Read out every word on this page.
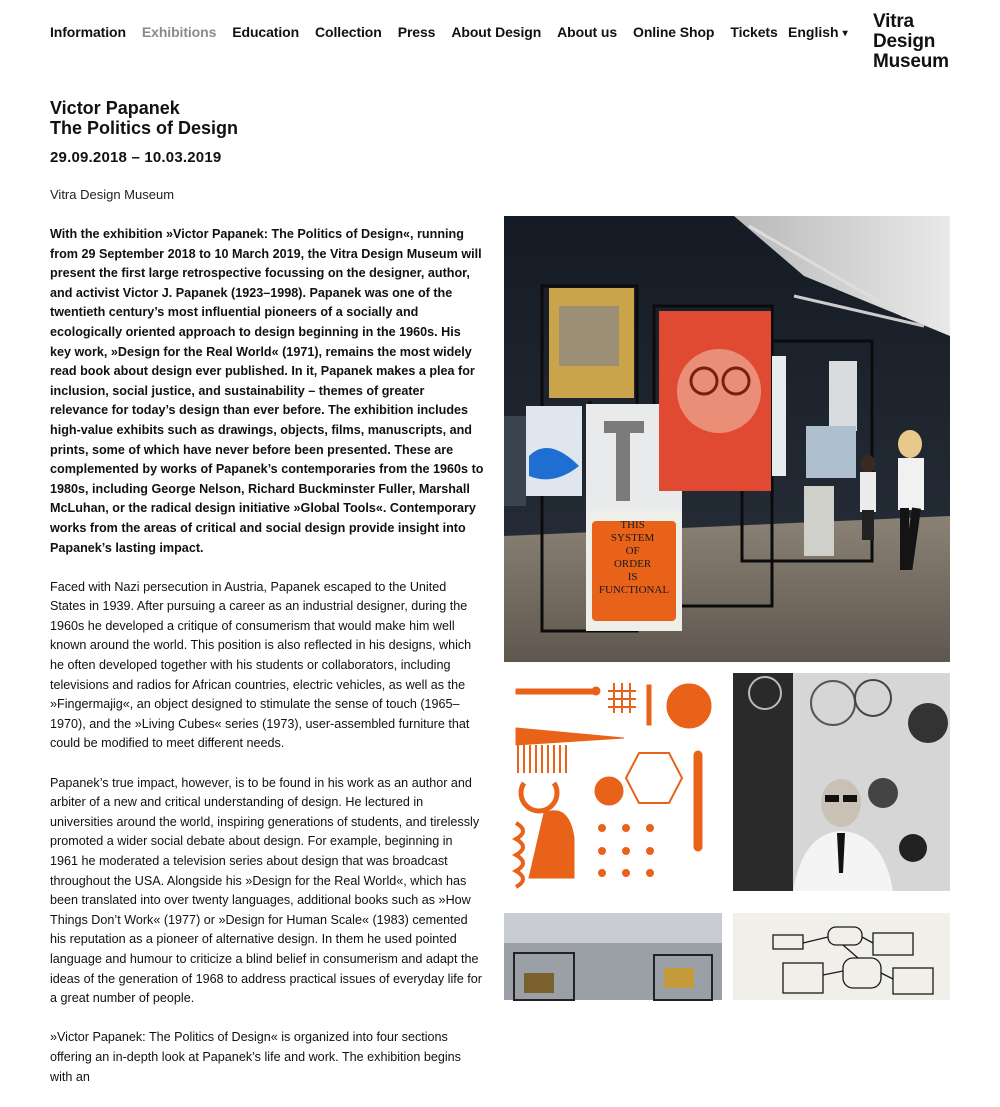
Information Exhibitions Education Collection Press About Design About us Online Shop Tickets English ▾
Vitra
Design
Museum
Victor Papanek
The Politics of Design
29.09.2018 – 10.03.2019
Vitra Design Museum

With the exhibition »Victor Papanek: The Politics of Design«, running from 29 September 2018 to 10 March 2019, the Vitra Design Museum will present the first large retrospective focussing on the designer, author, and activist Victor J. Papanek (1923–1998). Papanek was one of the twentieth century’s most influential pioneers of a socially and ecologically oriented approach to design beginning in the 1960s. His key work, »Design for the Real World« (1971), remains the most widely read book about design ever published. In it, Papanek makes a plea for inclusion, social justice, and sustainability – themes of greater relevance for today’s design than ever before. The exhibition includes high-value exhibits such as drawings, objects, films, manuscripts, and prints, some of which have never before been presented. These are complemented by works of Papanek’s contemporaries from the 1960s to 1980s, including George Nelson, Richard Buckminster Fuller, Marshall McLuhan, or the radical design initiative »Global Tools«. Contemporary works from the areas of critical and social design provide insight into Papanek’s lasting impact.

Faced with Nazi persecution in Austria, Papanek escaped to the United States in 1939. After pursuing a career as an industrial designer, during the 1960s he developed a critique of consumerism that would make him well known around the world. This position is also reflected in his designs, which he often developed together with his students or collaborators, including televisions and radios for African countries, electric vehicles, as well as the »Fingermajig«, an object designed to stimulate the sense of touch (1965–1970), and the »Living Cubes« series (1973), user-assembled furniture that could be modified to meet different needs.

Papanek’s true impact, however, is to be found in his work as an author and arbiter of a new and critical understanding of design. He lectured in universities around the world, inspiring generations of students, and tirelessly promoted a wider social debate about design. For example, beginning in 1961 he moderated a television series about design that was broadcast throughout the USA. Alongside his »Design for the Real World«, which has been translated into over twenty languages, additional books such as »How Things Don’t Work« (1977) or »Design for Human Scale« (1983) cemented his reputation as a pioneer of alternative design. In them he used pointed language and humour to criticize a blind belief in consumerism and adapt the ideas of the generation of 1968 to address practical issues of everyday life for a great number of people.

»Victor Papanek: The Politics of Design« is organized into four sections offering an in-depth look at Papanek’s life and work. The exhibition begins with an

THIS SYSTEM OF ORDER IS FUNCTIONAL
